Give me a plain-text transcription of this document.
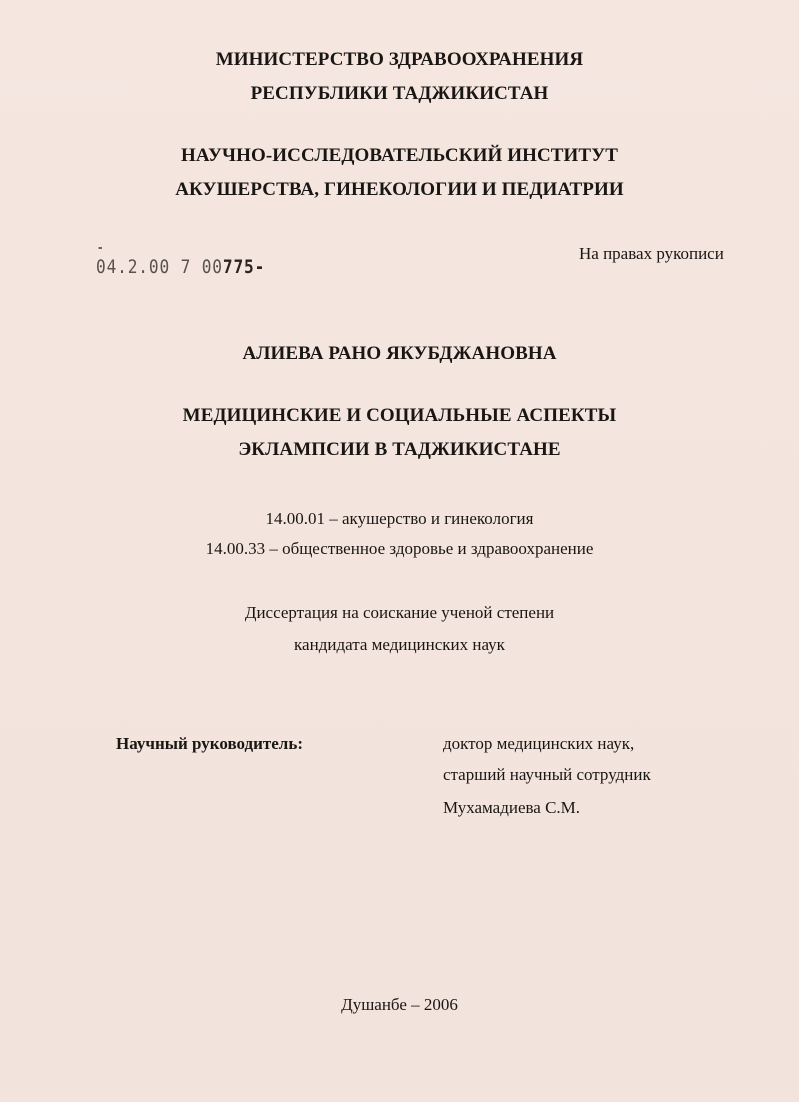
МИНИСТЕРСТВО ЗДРАВООХРАНЕНИЯ
РЕСПУБЛИКИ ТАДЖИКИСТАН
НАУЧНО-ИССЛЕДОВАТЕЛЬСКИЙ ИНСТИТУТ
АКУШЕРСТВА, ГИНЕКОЛОГИИ И ПЕДИАТРИИ
04.2.00 7 00775-
На правах рукописи
АЛИЕВА РАНО ЯКУБДЖАНОВНА
МЕДИЦИНСКИЕ И СОЦИАЛЬНЫЕ АСПЕКТЫ
ЭКЛАМПСИИ В ТАДЖИКИСТАНЕ
14.00.01 – акушерство и гинекология
14.00.33 – общественное здоровье и здравоохранение
Диссертация на соискание ученой степени
кандидата медицинских наук
Научный руководитель:	доктор медицинских наук,
старший научный сотрудник
Мухамадиева С.М.
Душанбе – 2006
